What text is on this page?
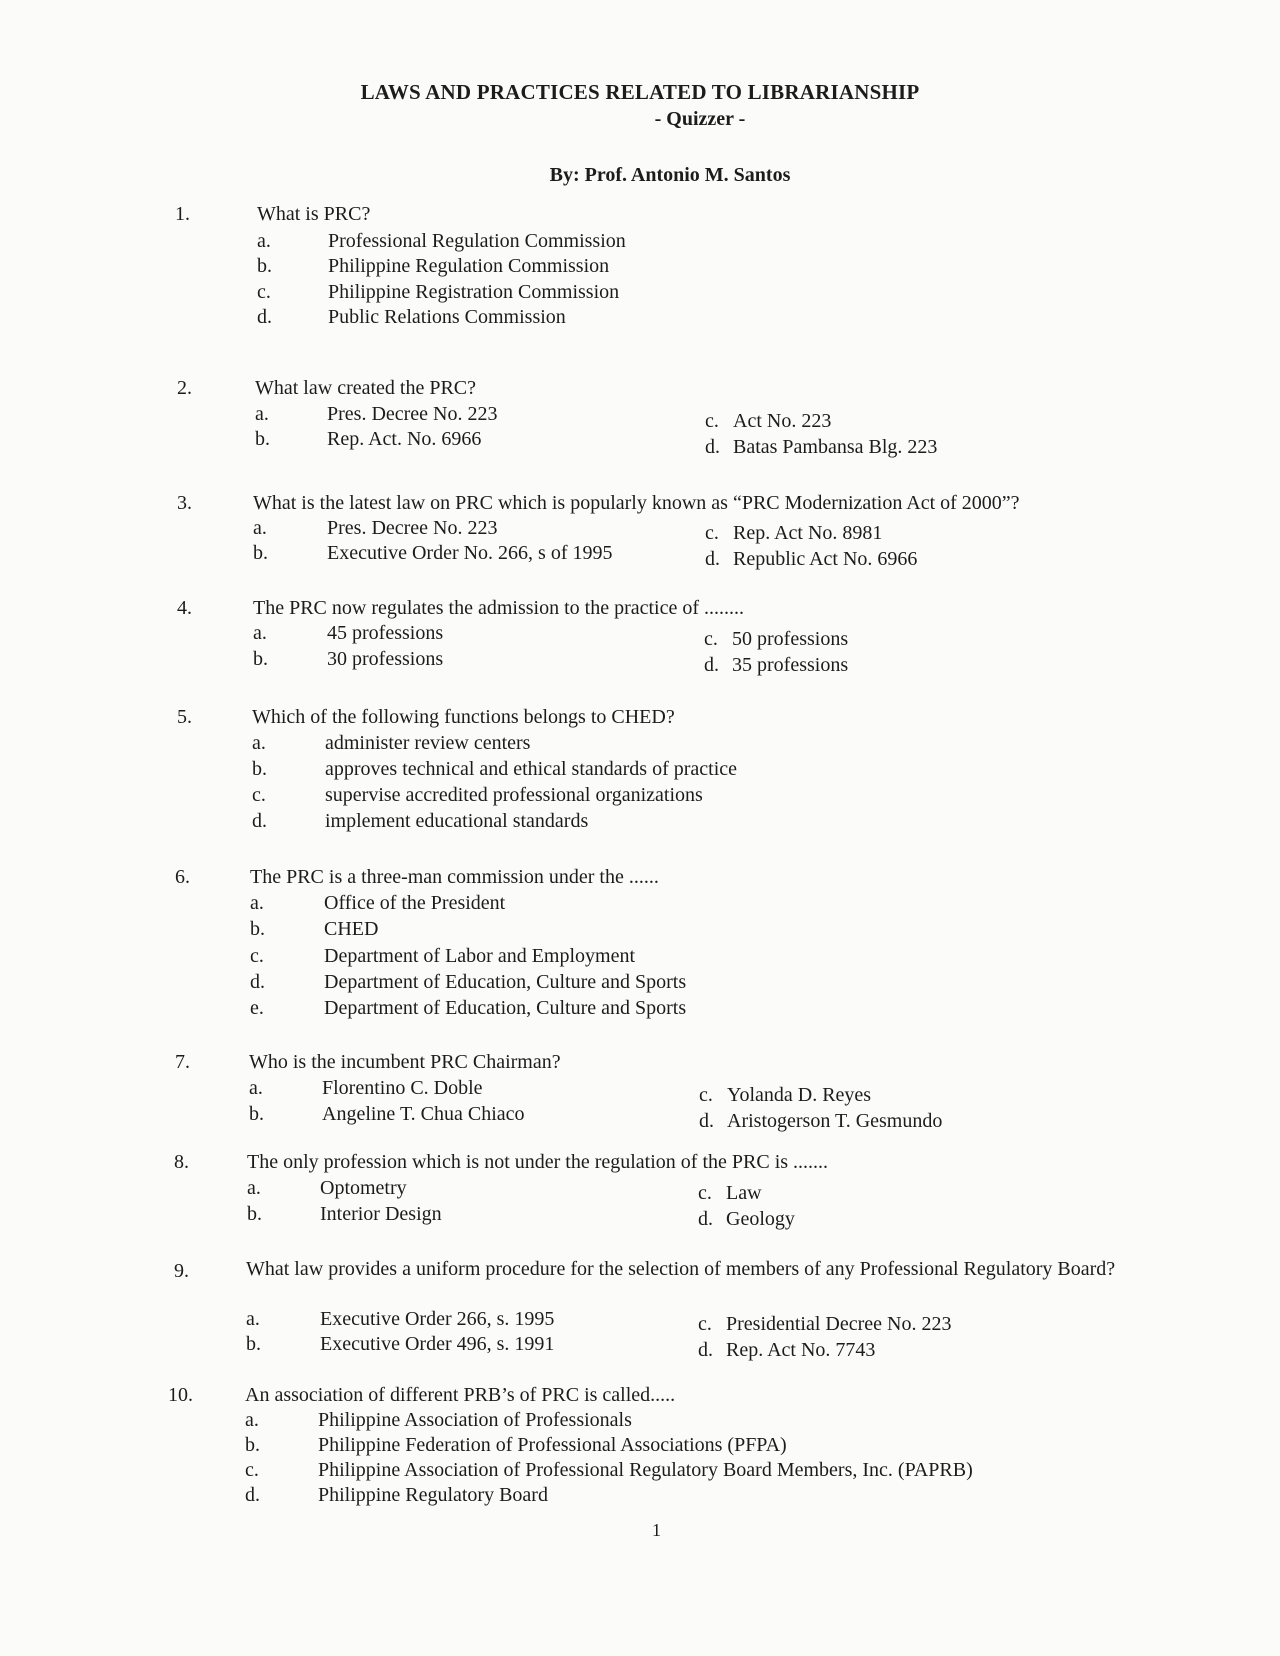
LAWS AND PRACTICES RELATED TO LIBRARIANSHIP
- Quizzer -
By: Prof. Antonio M. Santos
1.	What is PRC?
a.	Professional Regulation Commission
b.	Philippine Regulation Commission
c.	Philippine Registration Commission
d.	Public Relations Commission
2.	What law created the PRC?
a.	Pres. Decree No. 223
b.	Rep. Act. No. 6966
c. Act No. 223
d. Batas Pambansa Blg. 223
3.	What is the latest law on PRC which is popularly known as “PRC Modernization Act of 2000”?
a.	Pres. Decree No. 223
b.	Executive Order No. 266, s of 1995
c. Rep. Act No. 8981
d. Republic Act No. 6966
4.	The PRC now regulates the admission to the practice of ........
a.	45 professions
b.	30 professions
c. 50 professions
d. 35 professions
5.	Which of the following functions belongs to CHED?
a.	administer review centers
b.	approves technical and ethical standards of practice
c.	supervise accredited professional organizations
d.	implement educational standards
6.	The PRC is a three-man commission under the ......
a.	Office of the President
b.	CHED
c.	Department of Labor and Employment
d.	Department of Education, Culture and Sports
e.	Department of Education, Culture and Sports
7.	Who is the incumbent PRC Chairman?
a.	Florentino C. Doble
b.	Angeline T. Chua Chiaco
c. Yolanda D. Reyes
d. Aristogerson T. Gesmundo
8.	The only profession which is not under the regulation of the PRC is .......
a.	Optometry
b.	Interior Design
c. Law
d. Geology
9.	What law provides a uniform procedure for the selection of members of any Professional Regulatory Board?
a.	Executive Order 266, s. 1995
b.	Executive Order 496, s. 1991
c. Presidential Decree No. 223
d. Rep. Act No. 7743
10.	An association of different PRB’s of PRC is called.....
a.	Philippine Association of Professionals
b.	Philippine Federation of Professional Associations (PFPA)
c.	Philippine Association of Professional Regulatory Board Members, Inc. (PAPRB)
d.	Philippine Regulatory Board
1
